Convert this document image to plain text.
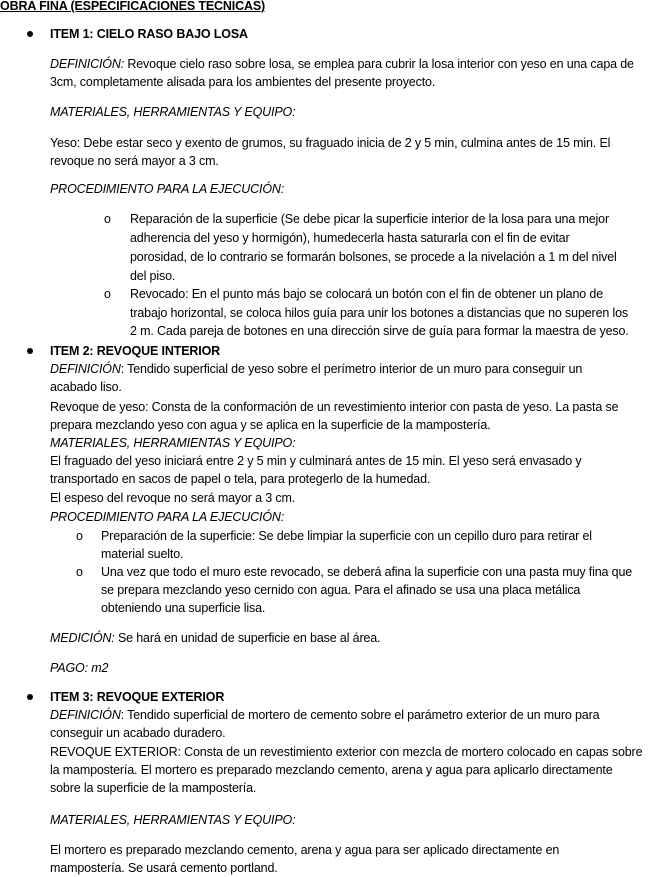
OBRA FINA (ESPECIFICACIONES TECNICAS)
ITEM 1: CIELO RASO BAJO LOSA
DEFINICIÓN: Revoque cielo raso sobre losa, se emplea para cubrir la losa interior con yeso en una capa de
3cm, completamente alisada para los ambientes del presente proyecto.
MATERIALES, HERRAMIENTAS Y EQUIPO:
Yeso: Debe estar seco y exento de grumos, su fraguado inicia de 2 y 5 min, culmina antes de 15 min. El
revoque no será mayor a 3 cm.
PROCEDIMIENTO PARA LA EJECUCIÓN:
o Reparación de la superficie (Se debe picar la superficie interior de la losa para una mejor
adherencia del yeso y hormigón), humedecerla hasta saturarla con el fin de evitar
porosidad, de lo contrario se formarán bolsones, se procede a la nivelación a 1 m del nivel
del piso.
o Revocado: En el punto más bajo se colocará un botón con el fin de obtener un plano de
trabajo horizontal, se coloca hilos guía para unir los botones a distancias que no superen los
2 m. Cada pareja de botones en una dirección sirve de guía para formar la maestra de yeso.
ITEM 2: REVOQUE INTERIOR
DEFINICIÓN: Tendido superficial de yeso sobre el perímetro interior de un muro para conseguir un
acabado liso.
Revoque de yeso: Consta de la conformación de un revestimiento interior con pasta de yeso. La pasta se
prepara mezclando yeso con agua y se aplica en la superficie de la mampostería.
MATERIALES, HERRAMIENTAS Y EQUIPO:
El fraguado del yeso iniciará entre 2 y 5 min y culminará antes de 15 min. El yeso será envasado y
transportado en sacos de papel o tela, para protegerlo de la humedad.
El espeso del revoque no será mayor a 3 cm.
PROCEDIMIENTO PARA LA EJECUCIÓN:
o Preparación de la superficie: Se debe limpiar la superficie con un cepillo duro para retirar el
material suelto.
o Una vez que todo el muro este revocado, se deberá afina la superficie con una pasta muy fina que
se prepara mezclando yeso cernido con agua. Para el afinado se usa una placa metálica
obteniendo una superficie lisa.
MEDICIÓN: Se hará en unidad de superficie en base al área.
PAGO: m2
ITEM 3: REVOQUE EXTERIOR
DEFINICIÓN: Tendido superficial de mortero de cemento sobre el parámetro exterior de un muro para
conseguir un acabado duradero.
REVOQUE EXTERIOR: Consta de un revestimiento exterior con mezcla de mortero colocado en capas sobre
la mampostería. El mortero es preparado mezclando cemento, arena y agua para aplicarlo directamente
sobre la superficie de la mampostería.
MATERIALES, HERRAMIENTAS Y EQUIPO:
El mortero es preparado mezclando cemento, arena y agua para ser aplicado directamente en
mampostería. Se usará cemento portland.
